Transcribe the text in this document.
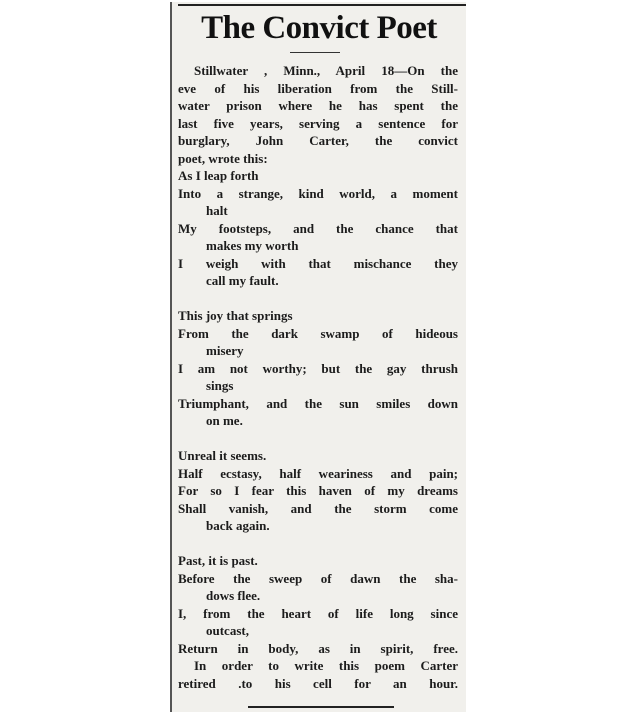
The Convict Poet
Stillwater , Minn., April 18—On the
eve of his liberation from the Still-
water prison where he has spent the
last five years, serving a sentence for
burglary, John Carter, the convict
poet, wrote this:
As I leap forth
Into a strange, kind world, a moment
halt
My footsteps, and the chance that
makes my worth
I weigh with that mischance they
call my fault.
This joy that springs
From the dark swamp of hideous
misery
I am not worthy; but the gay thrush
sings
Triumphant, and the sun smiles down
on me.
Unreal it seems.
Half ecstasy, half weariness and pain;
For so I fear this haven of my dreams
Shall vanish, and the storm come
back again.
Past, it is past.
Before the sweep of dawn the sha-
dows flee.
I, from the heart of life long since
outcast,
Return in body, as in spirit, free.
In order to write this poem Carter
retired .to his cell for an hour.
